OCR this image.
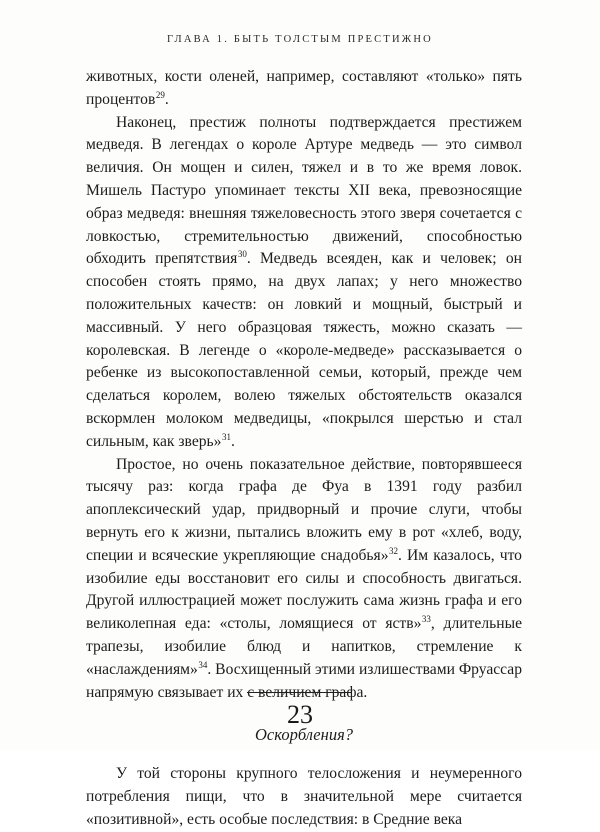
ГЛАВА 1. БЫТЬ ТОЛСТЫМ ПРЕСТИЖНО

животных, кости оленей, например, составляют «только» пять процентов$^{29}$.

Наконец, престиж полноты подтверждается престижем медведя. В легендах о короле Артуре медведь — это символ величия. Он мощен и силен, тяжел и в то же время ловок. Мишель Пастуро упоминает тексты XII века, превозносящие образ медведя: внешняя тяжеловесность этого зверя сочетается с ловкостью, стремительностью движений, способностью обходить препятствия$^{30}$. Медведь всеяден, как и человек; он способен стоять прямо, на двух лапах; у него множество положительных качеств: он ловкий и мощный, быстрый и массивный. У него образцовая тяжесть, можно сказать — королевская. В легенде о «короле-медведе» рассказывается о ребенке из высокопоставленной семьи, который, прежде чем сделаться королем, волею тяжелых обстоятельств оказался вскормлен молоком медведицы, «покрылся шерстью и стал сильным, как зверь»$^{31}$.

Простое, но очень показательное действие, повторявшееся тысячу раз: когда графа де Фуа в 1391 году разбил апоплексический удар, придворный и прочие слуги, чтобы вернуть его к жизни, пытались вложить ему в рот «хлеб, воду, специи и всяческие укрепляющие снадобья»$^{32}$. Им казалось, что изобилие еды восстановит его силы и способность двигаться. Другой иллюстрацией может послужить сама жизнь графа и его великолепная еда: «столы, ломящиеся от яств»$^{33}$, длительные трапезы, изобилие блюд и напитков, стремление к «наслаждениям»$^{34}$. Восхищенный этими излишествами Фруассар напрямую связывает их с величием графа.

Оскорбления?

У той стороны крупного телосложения и неумеренного потребления пищи, что в значительной мере считается «позитивной», есть особые последствия: в Средние века

23
